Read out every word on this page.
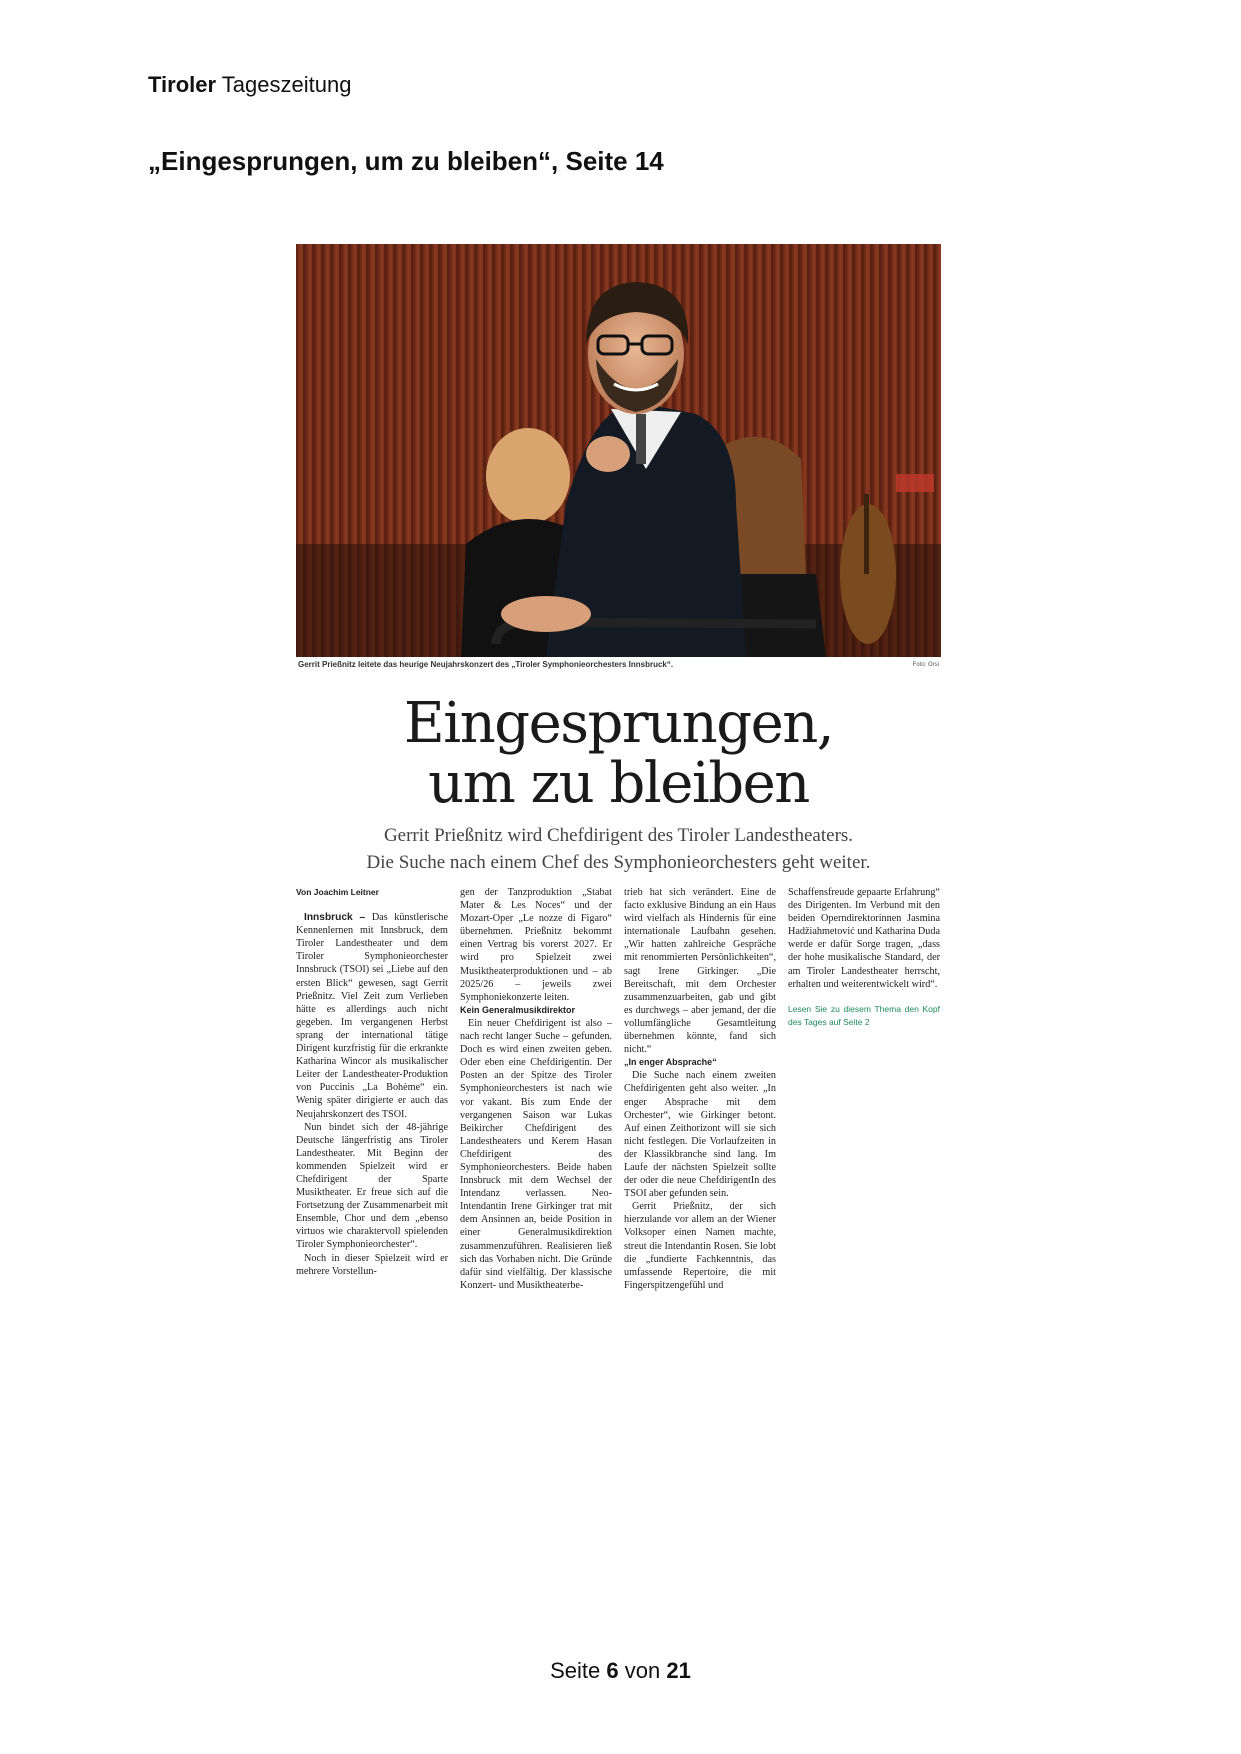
Tiroler Tageszeitung
„Eingesprungen, um zu bleiben“, Seite 14
Gerrit Prießnitz leitete das heurige Neujahrskonzert des „Tiroler Symphonieorchesters Innsbruck“.	Foto: Orsi
Eingesprungen,
um zu bleiben
Gerrit Prießnitz wird Chefdirigent des Tiroler Landestheaters.
Die Suche nach einem Chef des Symphonieorchesters geht weiter.

Von Joachim Leitner

Innsbruck – Das künstlerische Kennenlernen mit Innsbruck, dem Tiroler Landestheater und dem Tiroler Symphonieorchester Innsbruck (TSOI) sei „Liebe auf den ersten Blick“ gewesen, sagt Gerrit Prießnitz. Viel Zeit zum Verlieben hätte es allerdings auch nicht gegeben. Im vergangenen Herbst sprang der international tätige Dirigent kurzfristig für die erkrankte Katharina Wincor als musikalischer Leiter der Landestheater-Produktion von Puccinis „La Bohème“ ein. Wenig später dirigierte er auch das Neujahrskonzert des TSOI.

Nun bindet sich der 48-jährige Deutsche längerfristig ans Tiroler Landestheater. Mit Beginn der kommenden Spielzeit wird er Chefdirigent der Sparte Musiktheater. Er freue sich auf die Fortsetzung der Zusammenarbeit mit Ensemble, Chor und dem „ebenso virtuos wie charaktervoll spielenden Tiroler Symphonieorchester“.

Noch in dieser Spielzeit wird er mehrere Vorstellun-

gen der Tanzproduktion „Stabat Mater & Les Noces“ und der Mozart-Oper „Le nozze di Figaro“ übernehmen. Prießnitz bekommt einen Vertrag bis vorerst 2027. Er wird pro Spielzeit zwei Musiktheaterproduktionen und – ab 2025/26 – jeweils zwei Symphoniekonzerte leiten.

Kein Generalmusikdirektor

Ein neuer Chefdirigent ist also – nach recht langer Suche – gefunden. Doch es wird einen zweiten geben. Oder eben eine Chefdirigentin. Der Posten an der Spitze des Tiroler Symphonieorchesters ist nach wie vor vakant. Bis zum Ende der vergangenen Saison war Lukas Beikircher Chefdirigent des Landestheaters und Kerem Hasan Chefdirigent des Symphonieorchesters. Beide haben Innsbruck mit dem Wechsel der Intendanz verlassen. Neo-Intendantin Irene Girkinger trat mit dem Ansinnen an, beide Position in einer Generalmusikdirektion zusammenzuführen. Realisieren ließ sich das Vorhaben nicht. Die Gründe dafür sind vielfältig. Der klassische Konzert- und Musiktheaterbe-

trieb hat sich verändert. Eine de facto exklusive Bindung an ein Haus wird vielfach als Hindernis für eine internationale Laufbahn gesehen. „Wir hatten zahlreiche Gespräche mit renommierten Persönlichkeiten“, sagt Irene Girkinger. „Die Bereitschaft, mit dem Orchester zusammenzuarbeiten, gab und gibt es durchwegs – aber jemand, der die vollumfängliche Gesamtleitung übernehmen könnte, fand sich nicht.“

„In enger Absprache“

Die Suche nach einem zweiten Chefdirigenten geht also weiter. „In enger Absprache mit dem Orchester“, wie Girkinger betont. Auf einen Zeithorizont will sie sich nicht festlegen. Die Vorlaufzeiten in der Klassikbranche sind lang. Im Laufe der nächsten Spielzeit sollte der oder die neue ChefdirigentIn des TSOI aber gefunden sein.

Gerrit Prießnitz, der sich hierzulande vor allem an der Wiener Volksoper einen Namen machte, streut die Intendantin Rosen. Sie lobt die „fundierte Fachkenntnis, das umfassende Repertoire, die mit Fingerspitzengefühl und

Schaffensfreude gepaarte Erfahrung“ des Dirigenten. Im Verbund mit den beiden Operndirektorinnen Jasmina Hadžiahmetović und Katharina Duda werde er dafür Sorge tragen, „dass der hohe musikalische Standard, der am Tiroler Landestheater herrscht, erhalten und weiterentwickelt wird“.

Lesen Sie zu diesem Thema den Kopf des Tages auf Seite 2

Seite 6 von 21
